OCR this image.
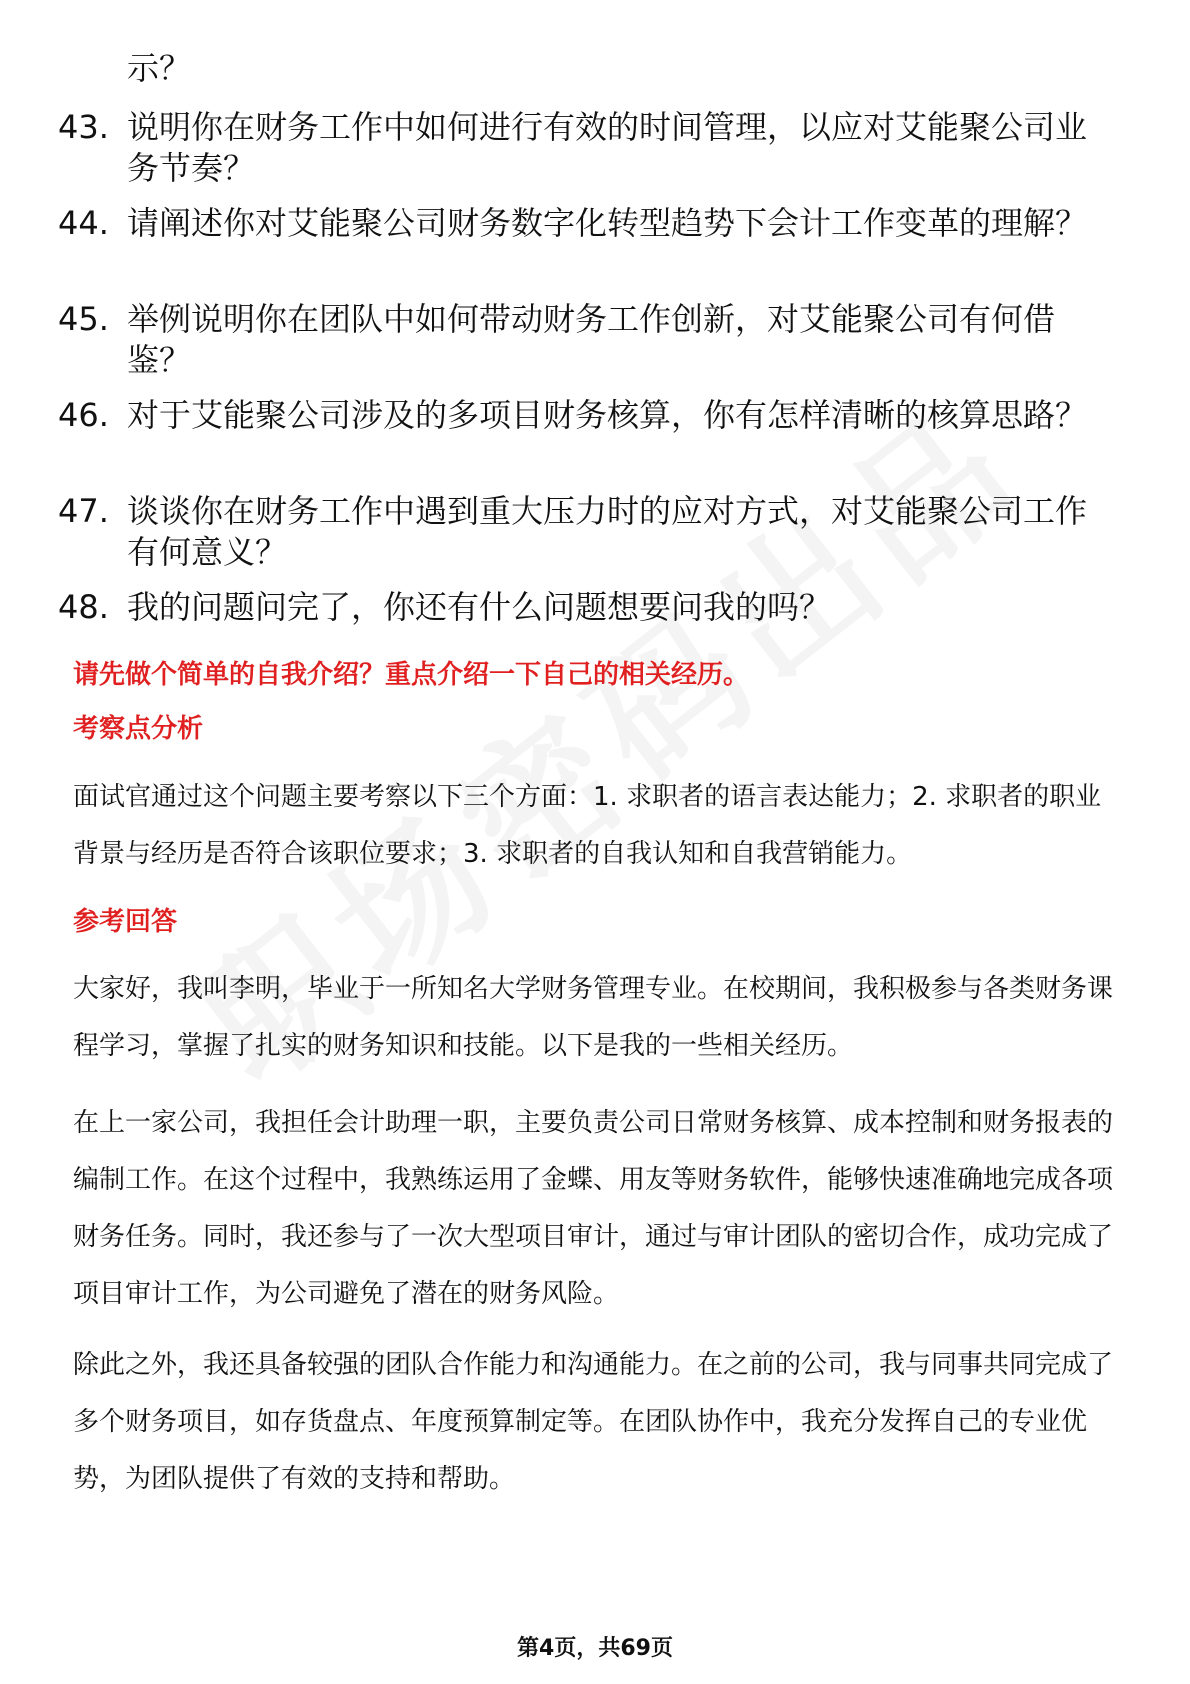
示？
43. 说明你在财务工作中如何进行有效的时间管理，以应对艾能聚公司业务节奏？
44. 请阐述你对艾能聚公司财务数字化转型趋势下会计工作变革的理解？
45. 举例说明你在团队中如何带动财务工作创新，对艾能聚公司有何借鉴？
46. 对于艾能聚公司涉及的多项目财务核算，你有怎样清晰的核算思路？
47. 谈谈你在财务工作中遇到重大压力时的应对方式，对艾能聚公司工作有何意义？
48. 我的问题问完了，你还有什么问题想要问我的吗？
请先做个简单的自我介绍？重点介绍一下自己的相关经历。
考察点分析
面试官通过这个问题主要考察以下三个方面：1. 求职者的语言表达能力；2. 求职者的职业背景与经历是否符合该职位要求；3. 求职者的自我认知和自我营销能力。
参考回答
大家好，我叫李明，毕业于一所知名大学财务管理专业。在校期间，我积极参与各类财务课程学习，掌握了扎实的财务知识和技能。以下是我的一些相关经历。
在上一家公司，我担任会计助理一职，主要负责公司日常财务核算、成本控制和财务报表的编制工作。在这个过程中，我熟练运用了金蝶、用友等财务软件，能够快速准确地完成各项财务任务。同时，我还参与了一次大型项目审计，通过与审计团队的密切合作，成功完成了项目审计工作，为公司避免了潜在的财务风险。
除此之外，我还具备较强的团队合作能力和沟通能力。在之前的公司，我与同事共同完成了多个财务项目，如存货盘点、年度预算制定等。在团队协作中，我充分发挥自己的专业优势，为团队提供了有效的支持和帮助。
第4页，共69页
